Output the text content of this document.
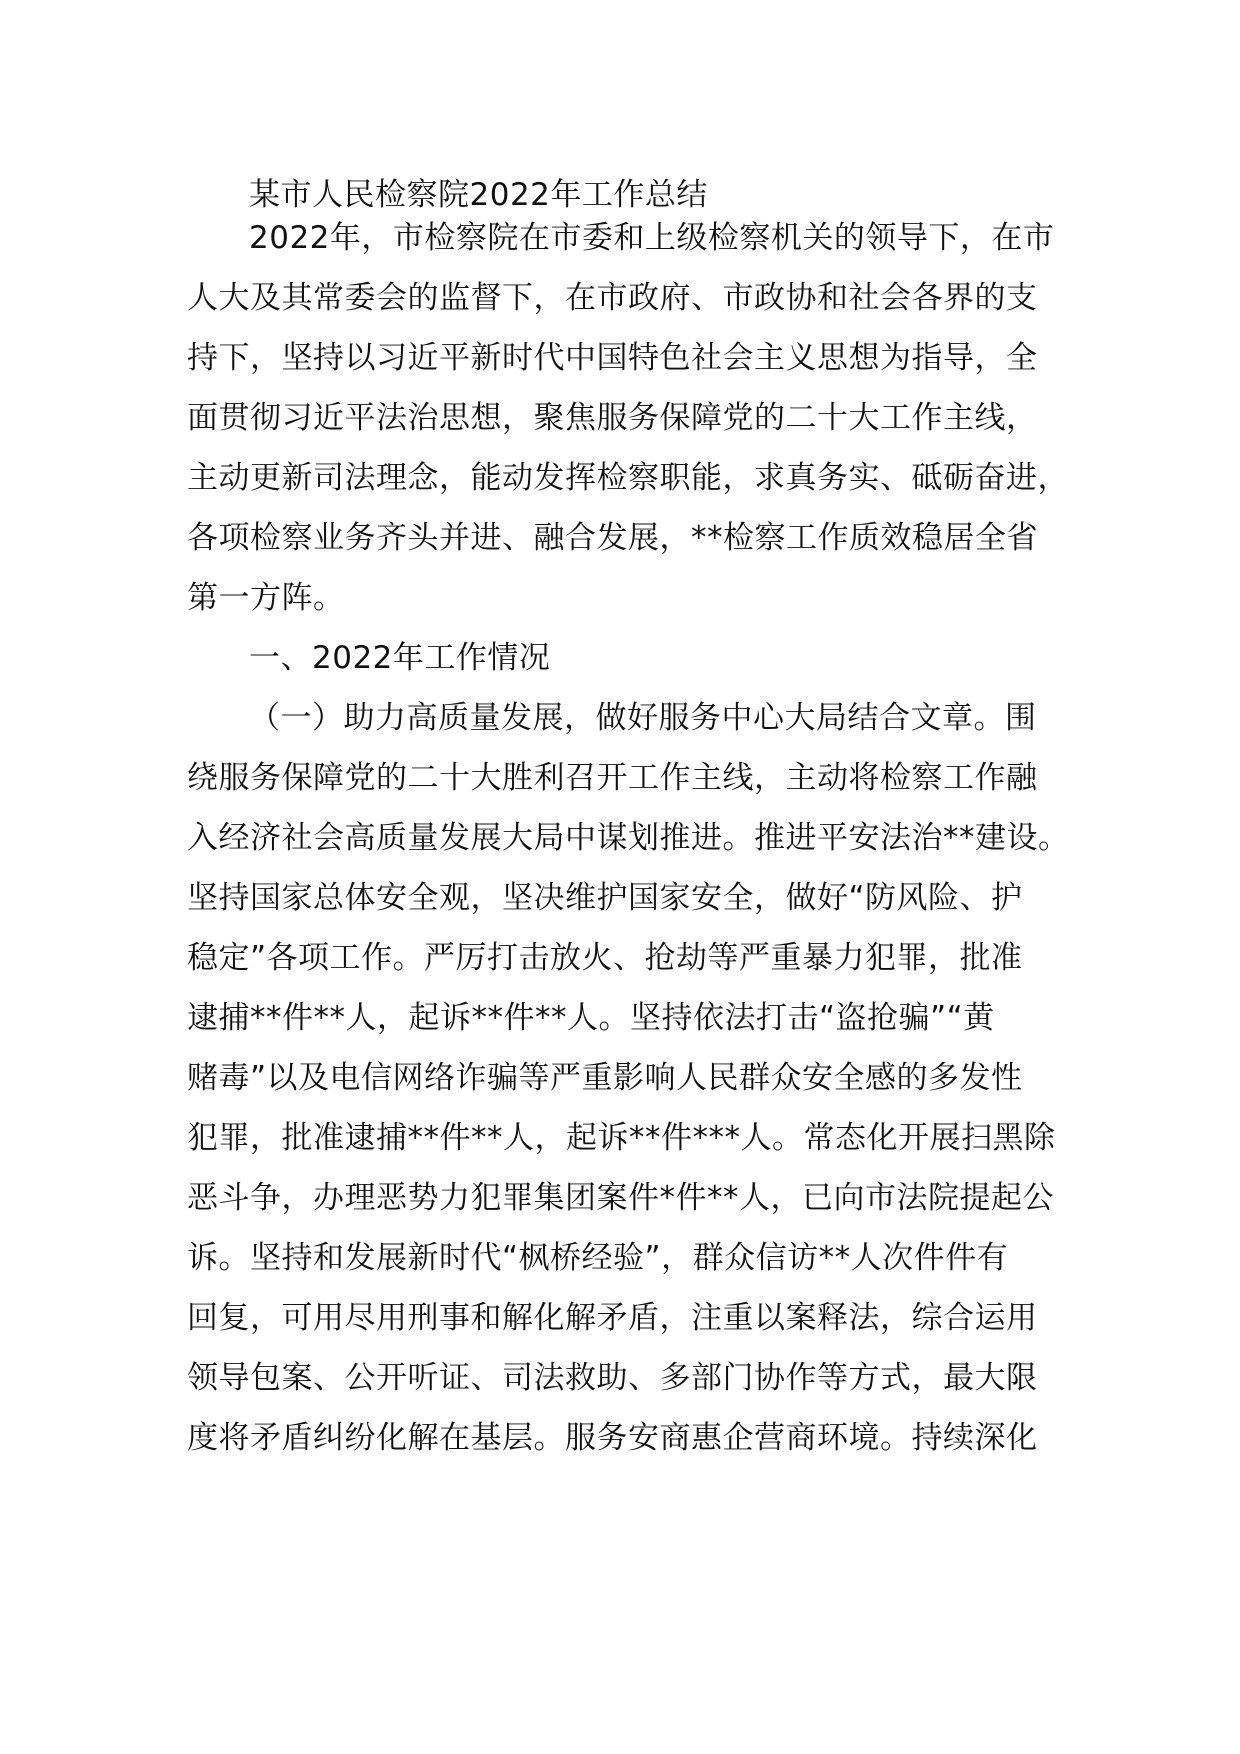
某市人民检察院2022年工作总结
2022年，市检察院在市委和上级检察机关的领导下，在市
人大及其常委会的监督下，在市政府、市政协和社会各界的支
持下，坚持以习近平新时代中国特色社会主义思想为指导，全
面贯彻习近平法治思想，聚焦服务保障党的二十大工作主线，
主动更新司法理念，能动发挥检察职能，求真务实、砥砺奋进，
各项检察业务齐头并进、融合发展，**检察工作质效稳居全省
第一方阵。
一、2022年工作情况
（一）助力高质量发展，做好服务中心大局结合文章。围
绕服务保障党的二十大胜利召开工作主线，主动将检察工作融
入经济社会高质量发展大局中谋划推进。推进平安法治**建设。
坚持国家总体安全观，坚决维护国家安全，做好“防风险、护
稳定”各项工作。严厉打击放火、抢劫等严重暴力犯罪，批准
逮捕**件**人，起诉**件**人。坚持依法打击“盗抢骗”“黄
赌毒”以及电信网络诈骗等严重影响人民群众安全感的多发性
犯罪，批准逮捕**件**人，起诉**件***人。常态化开展扫黑除
恶斗争，办理恶势力犯罪集团案件*件**人，已向市法院提起公
诉。坚持和发展新时代“枫桥经验”，群众信访**人次件件有
回复，可用尽用刑事和解化解矛盾，注重以案释法，综合运用
领导包案、公开听证、司法救助、多部门协作等方式，最大限
度将矛盾纠纷化解在基层。服务安商惠企营商环境。持续深化
